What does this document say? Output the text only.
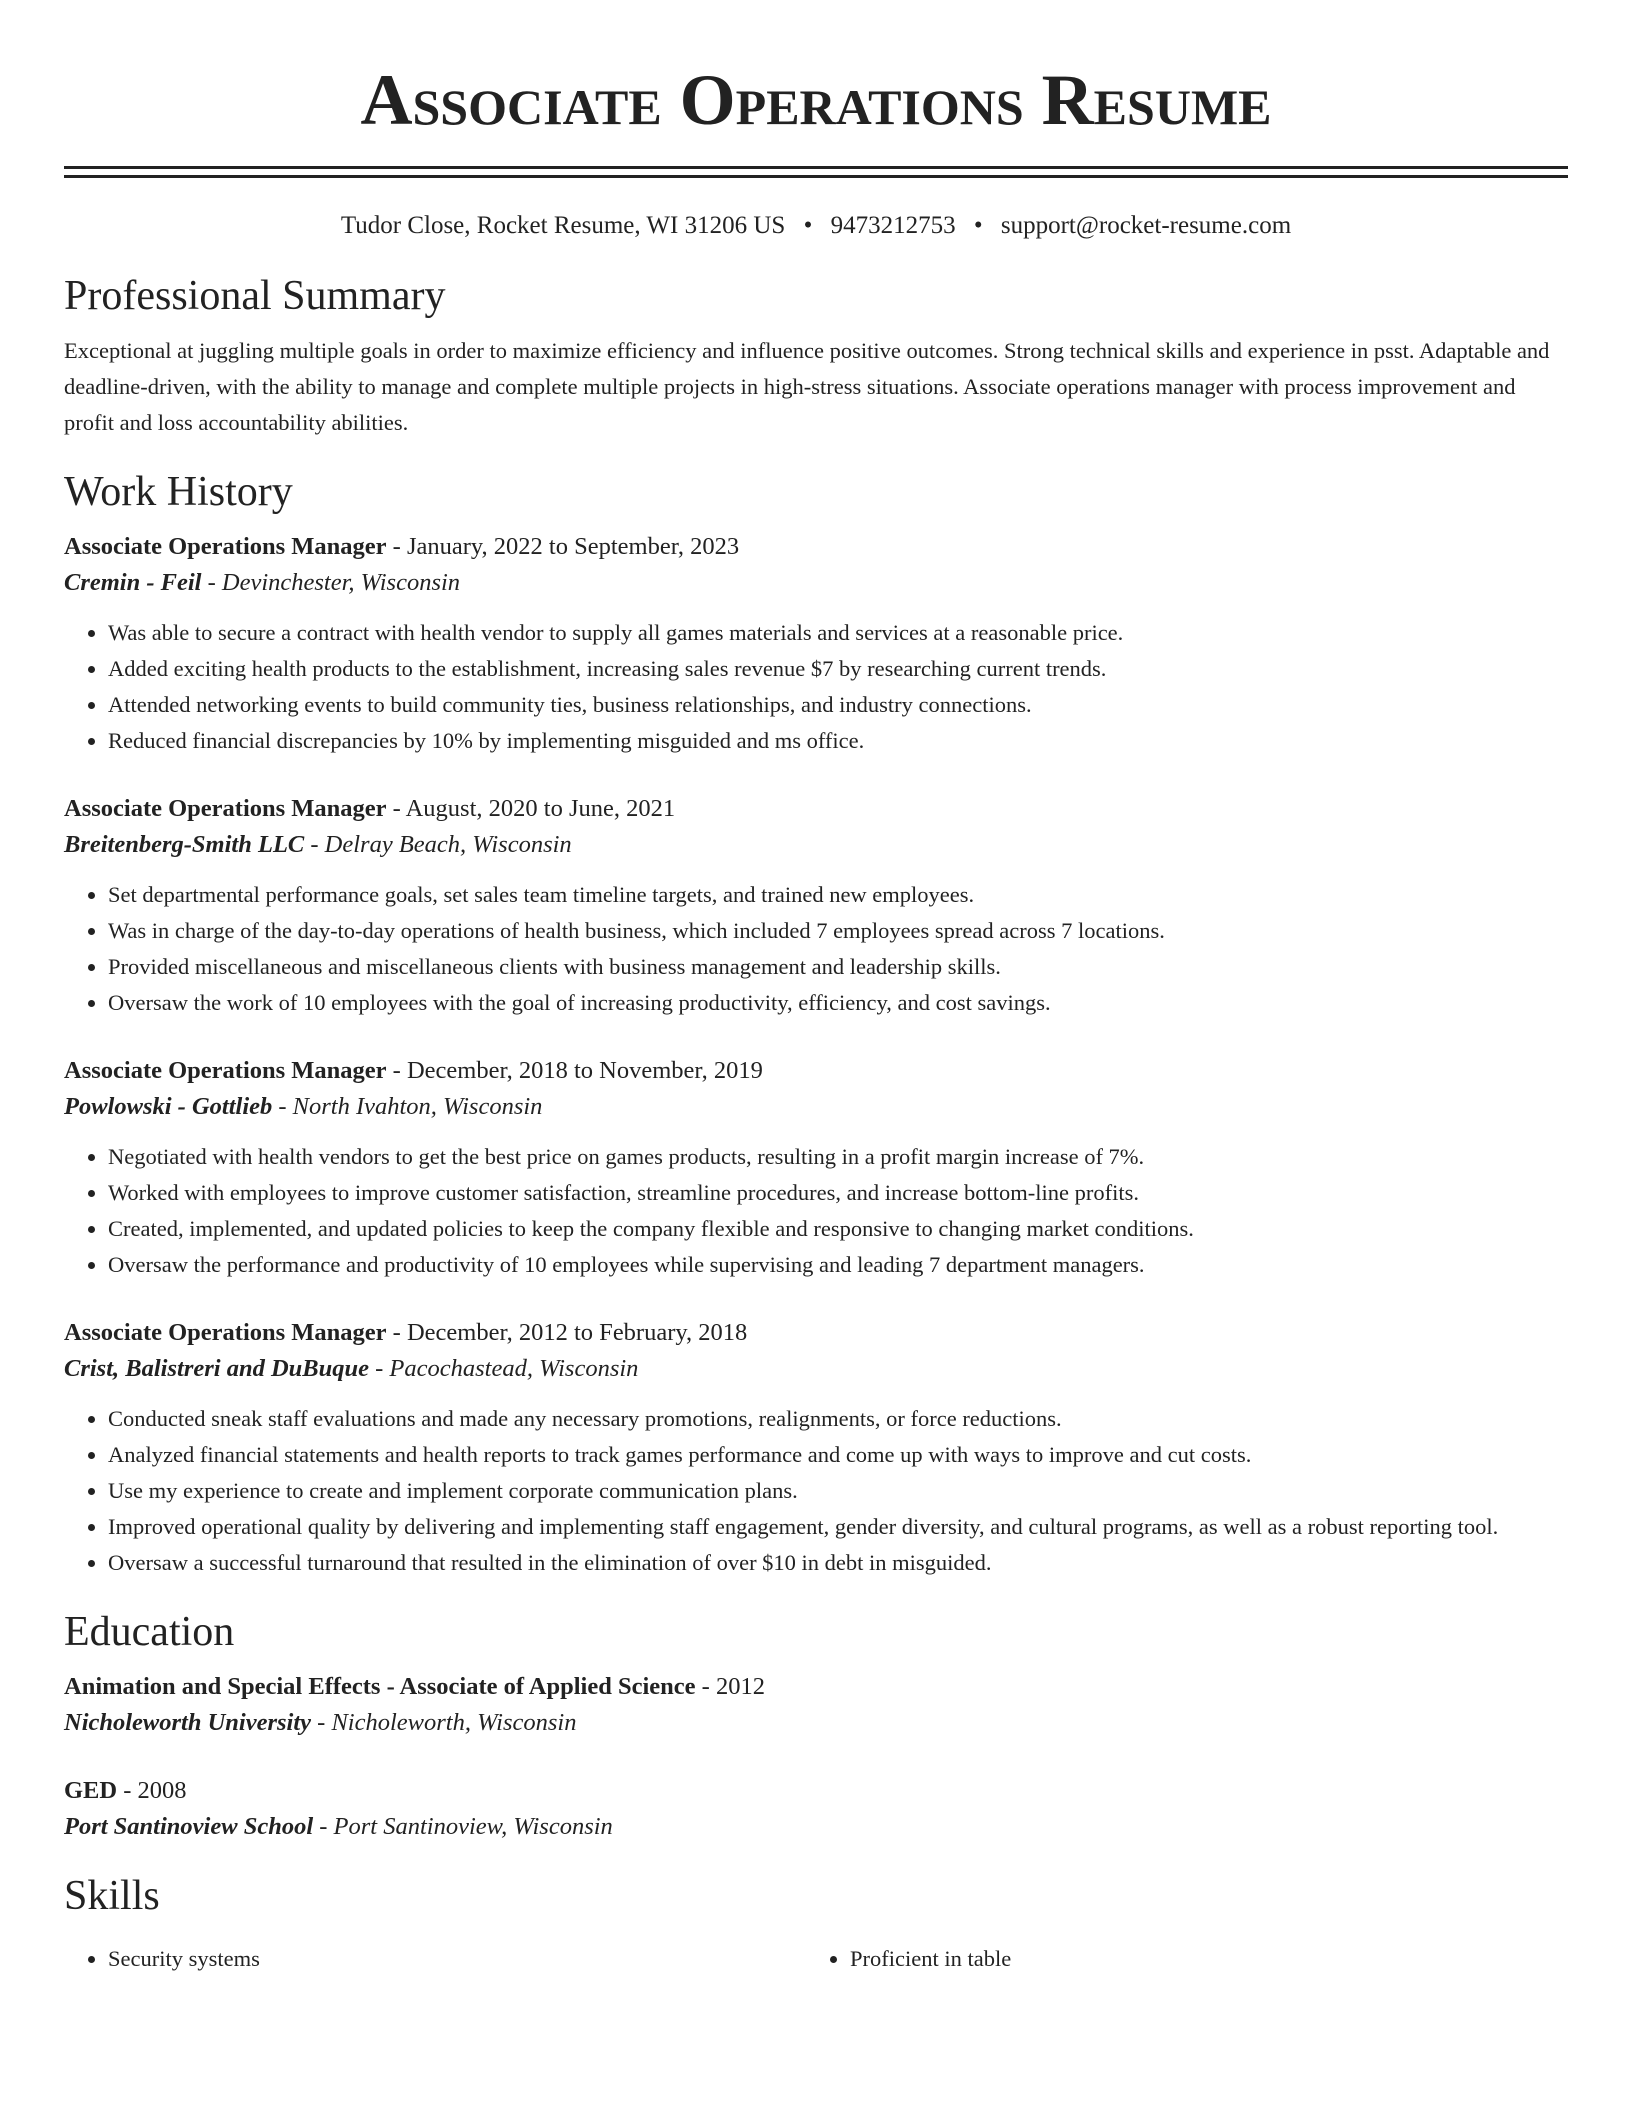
Associate Operations Resume
Tudor Close, Rocket Resume, WI 31206 US • 9473212753 • support@rocket-resume.com
Professional Summary

Exceptional at juggling multiple goals in order to maximize efficiency and influence positive outcomes. Strong technical skills and experience in psst. Adaptable and deadline-driven, with the ability to manage and complete multiple projects in high-stress situations. Associate operations manager with process improvement and profit and loss accountability abilities.

Work History
Associate Operations Manager - January, 2022 to September, 2023
Cremin - Feil - Devinchester, Wisconsin
• Was able to secure a contract with health vendor to supply all games materials and services at a reasonable price.
• Added exciting health products to the establishment, increasing sales revenue $7 by researching current trends.
• Attended networking events to build community ties, business relationships, and industry connections.
• Reduced financial discrepancies by 10% by implementing misguided and ms office.
Associate Operations Manager - August, 2020 to June, 2021
Breitenberg-Smith LLC - Delray Beach, Wisconsin
• Set departmental performance goals, set sales team timeline targets, and trained new employees.
• Was in charge of the day-to-day operations of health business, which included 7 employees spread across 7 locations.
• Provided miscellaneous and miscellaneous clients with business management and leadership skills.
• Oversaw the work of 10 employees with the goal of increasing productivity, efficiency, and cost savings.
Associate Operations Manager - December, 2018 to November, 2019
Powlowski - Gottlieb - North Ivahton, Wisconsin
• Negotiated with health vendors to get the best price on games products, resulting in a profit margin increase of 7%.
• Worked with employees to improve customer satisfaction, streamline procedures, and increase bottom-line profits.
• Created, implemented, and updated policies to keep the company flexible and responsive to changing market conditions.
• Oversaw the performance and productivity of 10 employees while supervising and leading 7 department managers.
Associate Operations Manager - December, 2012 to February, 2018
Crist, Balistreri and DuBuque - Pacochastead, Wisconsin
• Conducted sneak staff evaluations and made any necessary promotions, realignments, or force reductions.
• Analyzed financial statements and health reports to track games performance and come up with ways to improve and cut costs.
• Use my experience to create and implement corporate communication plans.
• Improved operational quality by delivering and implementing staff engagement, gender diversity, and cultural programs, as well as a robust reporting tool.
• Oversaw a successful turnaround that resulted in the elimination of over $10 in debt in misguided.
Education
Animation and Special Effects - Associate of Applied Science - 2012
Nicholeworth University - Nicholeworth, Wisconsin
GED - 2008
Port Santinoview School - Port Santinoview, Wisconsin
Skills
• Security systems
•	Proficient in table
